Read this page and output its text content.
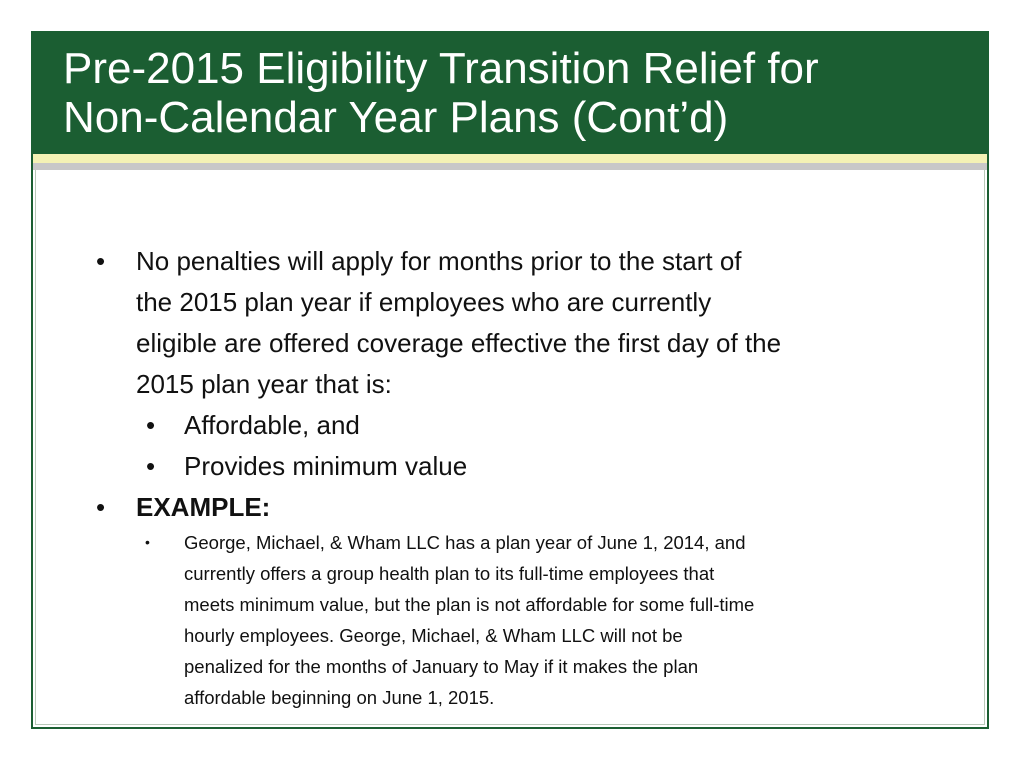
Pre-2015 Eligibility Transition Relief for
Non-Calendar Year Plans (Cont’d)
• No penalties will apply for months prior to the start of
the 2015 plan year if employees who are currently
eligible are offered coverage effective the first day of the
2015 plan year that is:
• Affordable, and
• Provides minimum value
• EXAMPLE:
• George, Michael, & Wham LLC has a plan year of June 1, 2014, and
currently offers a group health plan to its full-time employees that
meets minimum value, but the plan is not affordable for some full-time
hourly employees. George, Michael, & Wham LLC will not be
penalized for the months of January to May if it makes the plan
affordable beginning on June 1, 2015.
